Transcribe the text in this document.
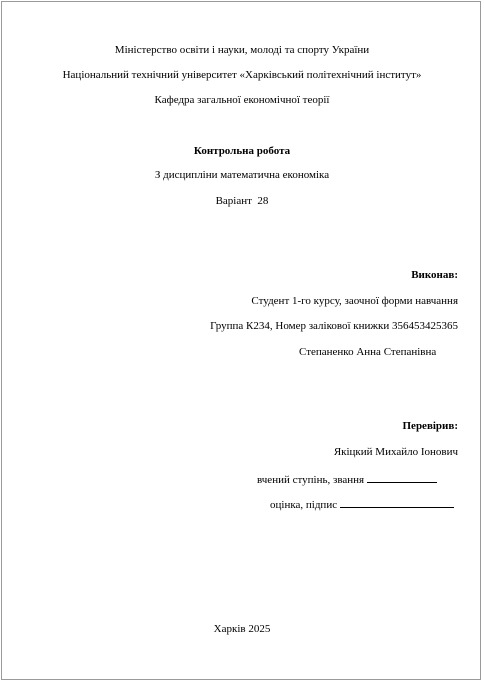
Міністерство освіти і науки, молоді та спорту України
Національний технічний університет «Харківський політехнічний інститут»
Кафедра загальної економічної теорії
Контрольна робота
З дисципліни математична економіка
Варіант  28
Виконав:
Студент 1-го курсу, заочної форми навчання
Группа К234, Номер залікової книжки 356453425365
Степаненко Анна Степанівна
Перевірив:
Якіцкий Михайло Іонович
вчений ступінь, звання
оцінка, підпис
Харків 2025
